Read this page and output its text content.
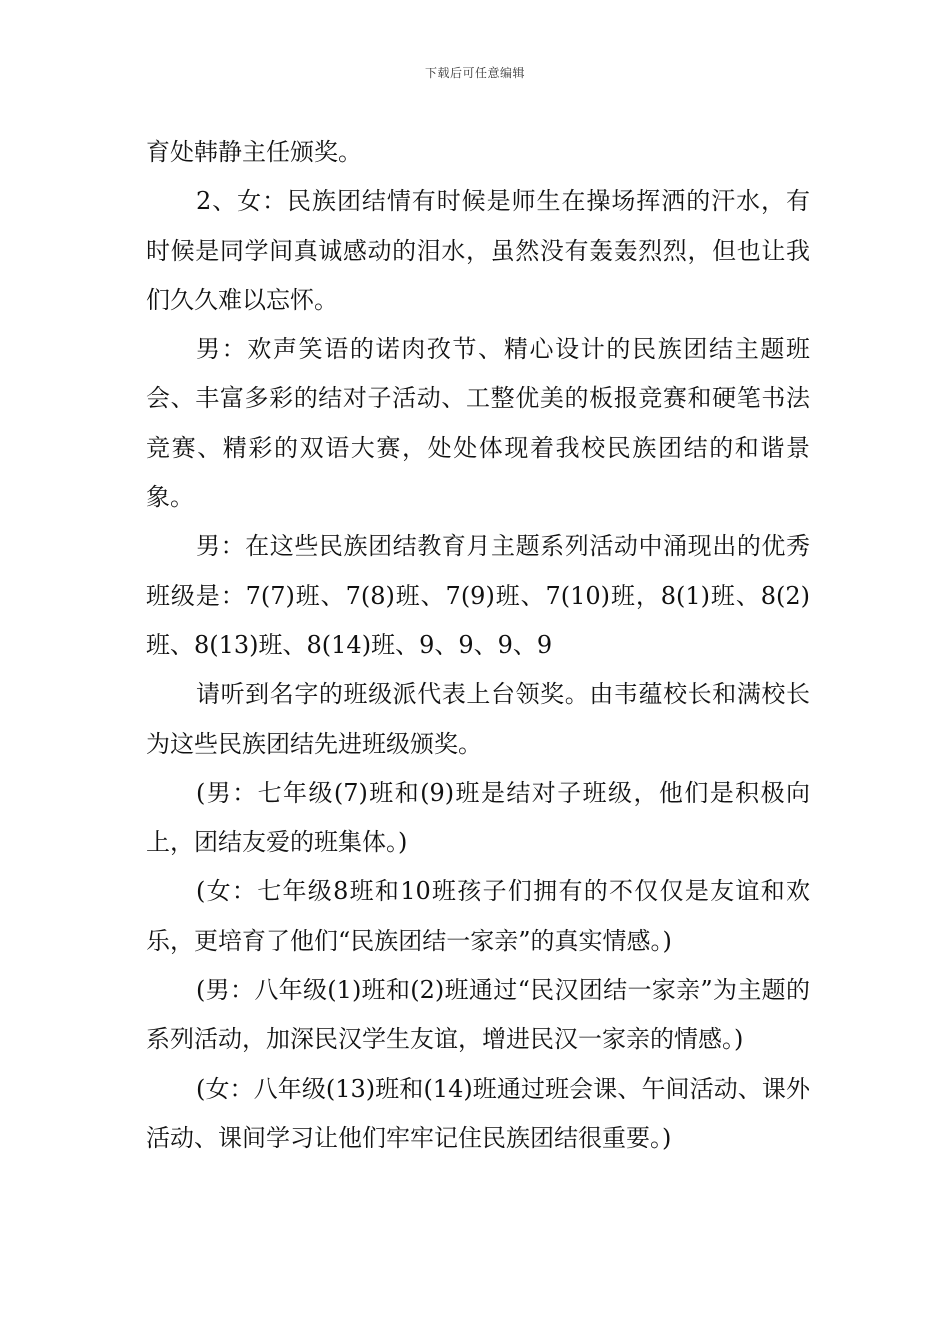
下载后可任意编辑

育处韩静主任颁奖。

2、女：民族团结情有时候是师生在操场挥洒的汗水，有时候是同学间真诚感动的泪水，虽然没有轰轰烈烈，但也让我们久久难以忘怀。

男：欢声笑语的诺肉孜节、精心设计的民族团结主题班会、丰富多彩的结对子活动、工整优美的板报竞赛和硬笔书法竞赛、精彩的双语大赛，处处体现着我校民族团结的和谐景象。

男：在这些民族团结教育月主题系列活动中涌现出的优秀班级是：7(7)班、7(8)班、7(9)班、7(10)班，8(1)班、8(2)班、8(13)班、8(14)班、9、9、9、9

请听到名字的班级派代表上台领奖。由韦蕴校长和满校长为这些民族团结先进班级颁奖。

(男：七年级(7)班和(9)班是结对子班级，他们是积极向上，团结友爱的班集体。)

(女：七年级8班和10班孩子们拥有的不仅仅是友谊和欢乐，更培育了他们“民族团结一家亲”的真实情感。)

(男：八年级(1)班和(2)班通过“民汉团结一家亲”为主题的系列活动，加深民汉学生友谊，增进民汉一家亲的情感。)

(女：八年级(13)班和(14)班通过班会课、午间活动、课外活动、课间学习让他们牢牢记住民族团结很重要。)
